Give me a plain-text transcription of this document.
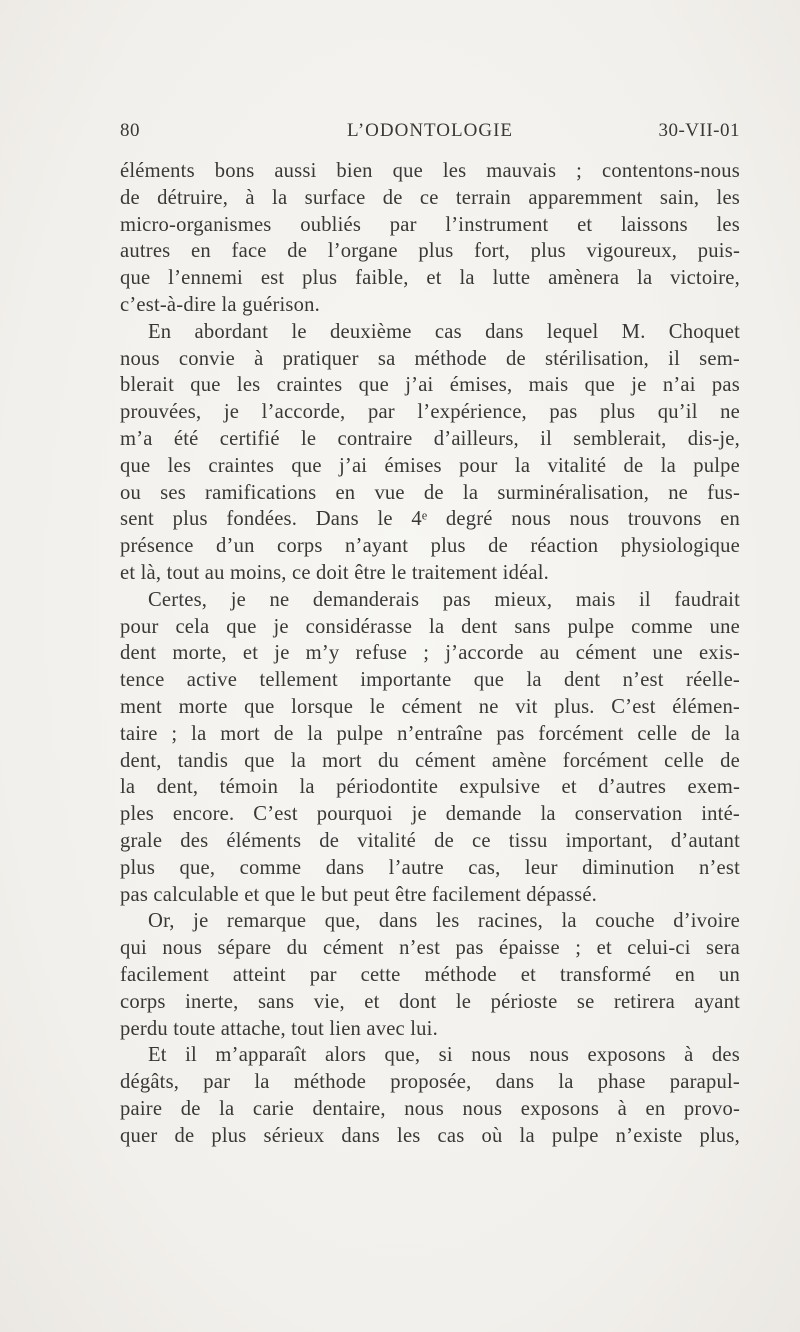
80	L’ODONTOLOGIE	30-VII-01
éléments bons aussi bien que les mauvais ; contentons-nous
de détruire, à la surface de ce terrain apparemment sain, les
micro-organismes oubliés par l’instrument et laissons les
autres en face de l’organe plus fort, plus vigoureux, puis-
que l’ennemi est plus faible, et la lutte amènera la victoire,
c’est-à-dire la guérison.
En abordant le deuxième cas dans lequel M. Choquet
nous convie à pratiquer sa méthode de stérilisation, il sem-
blerait que les craintes que j’ai émises, mais que je n’ai pas
prouvées, je l’accorde, par l’expérience, pas plus qu’il ne
m’a été certifié le contraire d’ailleurs, il semblerait, dis-je,
que les craintes que j’ai émises pour la vitalité de la pulpe
ou ses ramifications en vue de la surminéralisation, ne fus-
sent plus fondées. Dans le 4ᵉ degré nous nous trouvons en
présence d’un corps n’ayant plus de réaction physiologique
et là, tout au moins, ce doit être le traitement idéal.
Certes, je ne demanderais pas mieux, mais il faudrait
pour cela que je considérasse la dent sans pulpe comme une
dent morte, et je m’y refuse ; j’accorde au cément une exis-
tence active tellement importante que la dent n’est réelle-
ment morte que lorsque le cément ne vit plus. C’est élémen-
taire ; la mort de la pulpe n’entraîne pas forcément celle de la
dent, tandis que la mort du cément amène forcément celle de
la dent, témoin la périodontite expulsive et d’autres exem-
ples encore. C’est pourquoi je demande la conservation inté-
grale des éléments de vitalité de ce tissu important, d’autant
plus que, comme dans l’autre cas, leur diminution n’est
pas calculable et que le but peut être facilement dépassé.
Or, je remarque que, dans les racines, la couche d’ivoire
qui nous sépare du cément n’est pas épaisse ; et celui-ci sera
facilement atteint par cette méthode et transformé en un
corps inerte, sans vie, et dont le périoste se retirera ayant
perdu toute attache, tout lien avec lui.
Et il m’apparaît alors que, si nous nous exposons à des
dégâts, par la méthode proposée, dans la phase parapul-
paire de la carie dentaire, nous nous exposons à en provo-
quer de plus sérieux dans les cas où la pulpe n’existe plus,
